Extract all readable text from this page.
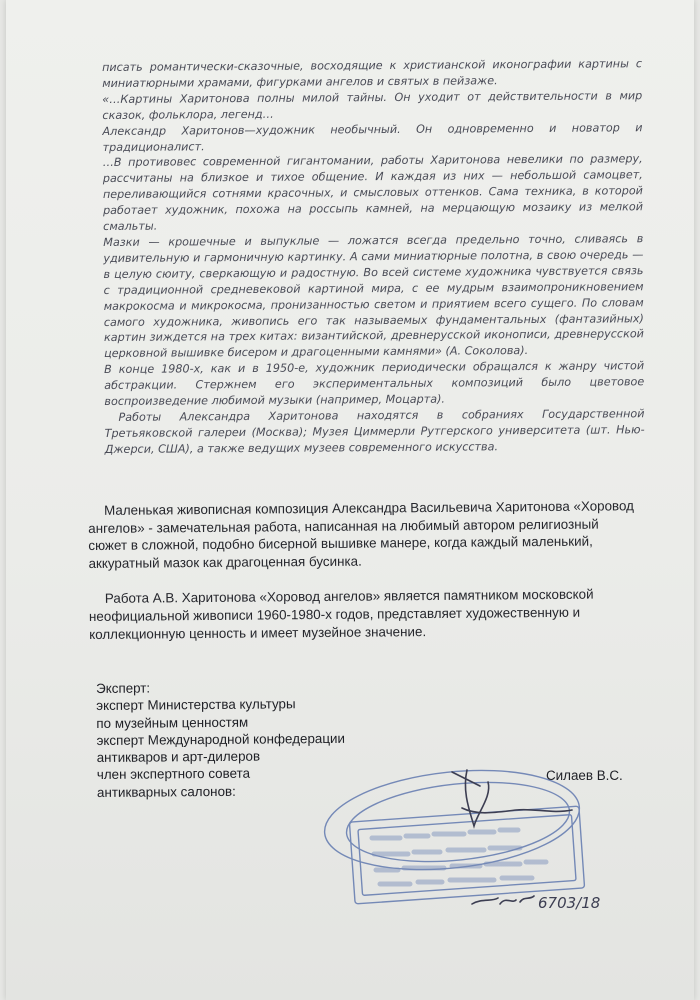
писать романтически-сказочные, восходящие к христианской иконографии картины с миниатюрными храмами, фигурками ангелов и святых в пейзаже.

«…Картины Харитонова полны милой тайны. Он уходит от действительности в мир сказок, фольклора, легенд…

Александр Харитонов—художник необычный. Он одновременно и новатор и традиционалист.

…В противовес современной гигантомании, работы Харитонова невелики по размеру, рассчитаны на близкое и тихое общение. И каждая из них — небольшой самоцвет, переливающийся сотнями красочных, и смысловых оттенков. Сама техника, в которой работает художник, похожа на россыпь камней, на мерцающую мозаику из мелкой смальты.

Мазки — крошечные и выпуклые — ложатся всегда предельно точно, сливаясь в удивительную и гармоничную картинку. А сами миниатюрные полотна, в свою очередь — в целую сюиту, сверкающую и радостную. Во всей системе художника чувствуется связь с традиционной средневековой картиной мира, с ее мудрым взаимопроникновением макрокосма и микрокосма, пронизанностью светом и приятием всего сущего. По словам самого художника, живопись его так называемых фундаментальных (фантазийных) картин зиждется на трех китах: византийской, древнерусской иконописи, древнерусской церковной вышивке бисером и драгоценными камнями» (А. Соколова).

В конце 1980-х, как и в 1950-е, художник периодически обращался к жанру чистой абстракции. Стержнем его экспериментальных композиций было цветовое воспроизведение любимой музыки (например, Моцарта).

Работы Александра Харитонова находятся в собраниях Государственной Третьяковской галереи (Москва); Музея Циммерли Рутгерского университета (шт. Нью-Джерси, США), а также ведущих музеев современного искусства.

Маленькая живописная композиция Александра Васильевича Харитонова «Хоровод ангелов» - замечательная работа, написанная на любимый автором религиозный сюжет в сложной, подобно бисерной вышивке манере, когда каждый маленький, аккуратный мазок как драгоценная бусинка.

Работа А.В. Харитонова «Хоровод ангелов» является памятником московской неофициальной живописи 1960-1980-х годов, представляет художественную и коллекционную ценность и имеет музейное значение.

Эксперт:
эксперт Министерства культуры
по музейным ценностям
эксперт Международной конфедерации
антикваров и арт-дилеров
член экспертного совета
антикварных салонов:
6703/18
Силаев В.С.
